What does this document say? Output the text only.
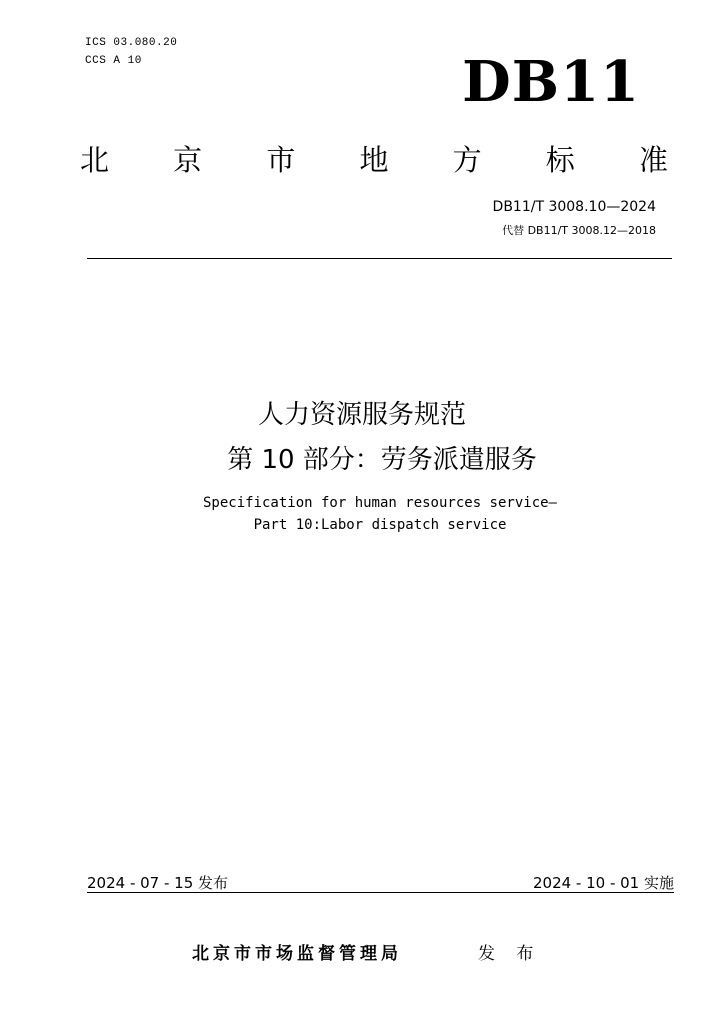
ICS 03.080.20
CCS A 10	DB11
北 京 市 地 方 标 准
DB11/T 3008.10—2024
代替 DB11/T 3008.12—2018
人力资源服务规范
第 10 部分：劳务派遣服务
Specification for human resources service—
Part 10:Labor dispatch service
2024 - 07 - 15 发布	2024 - 10 - 01 实施
北京市市场监督管理局	发 布
